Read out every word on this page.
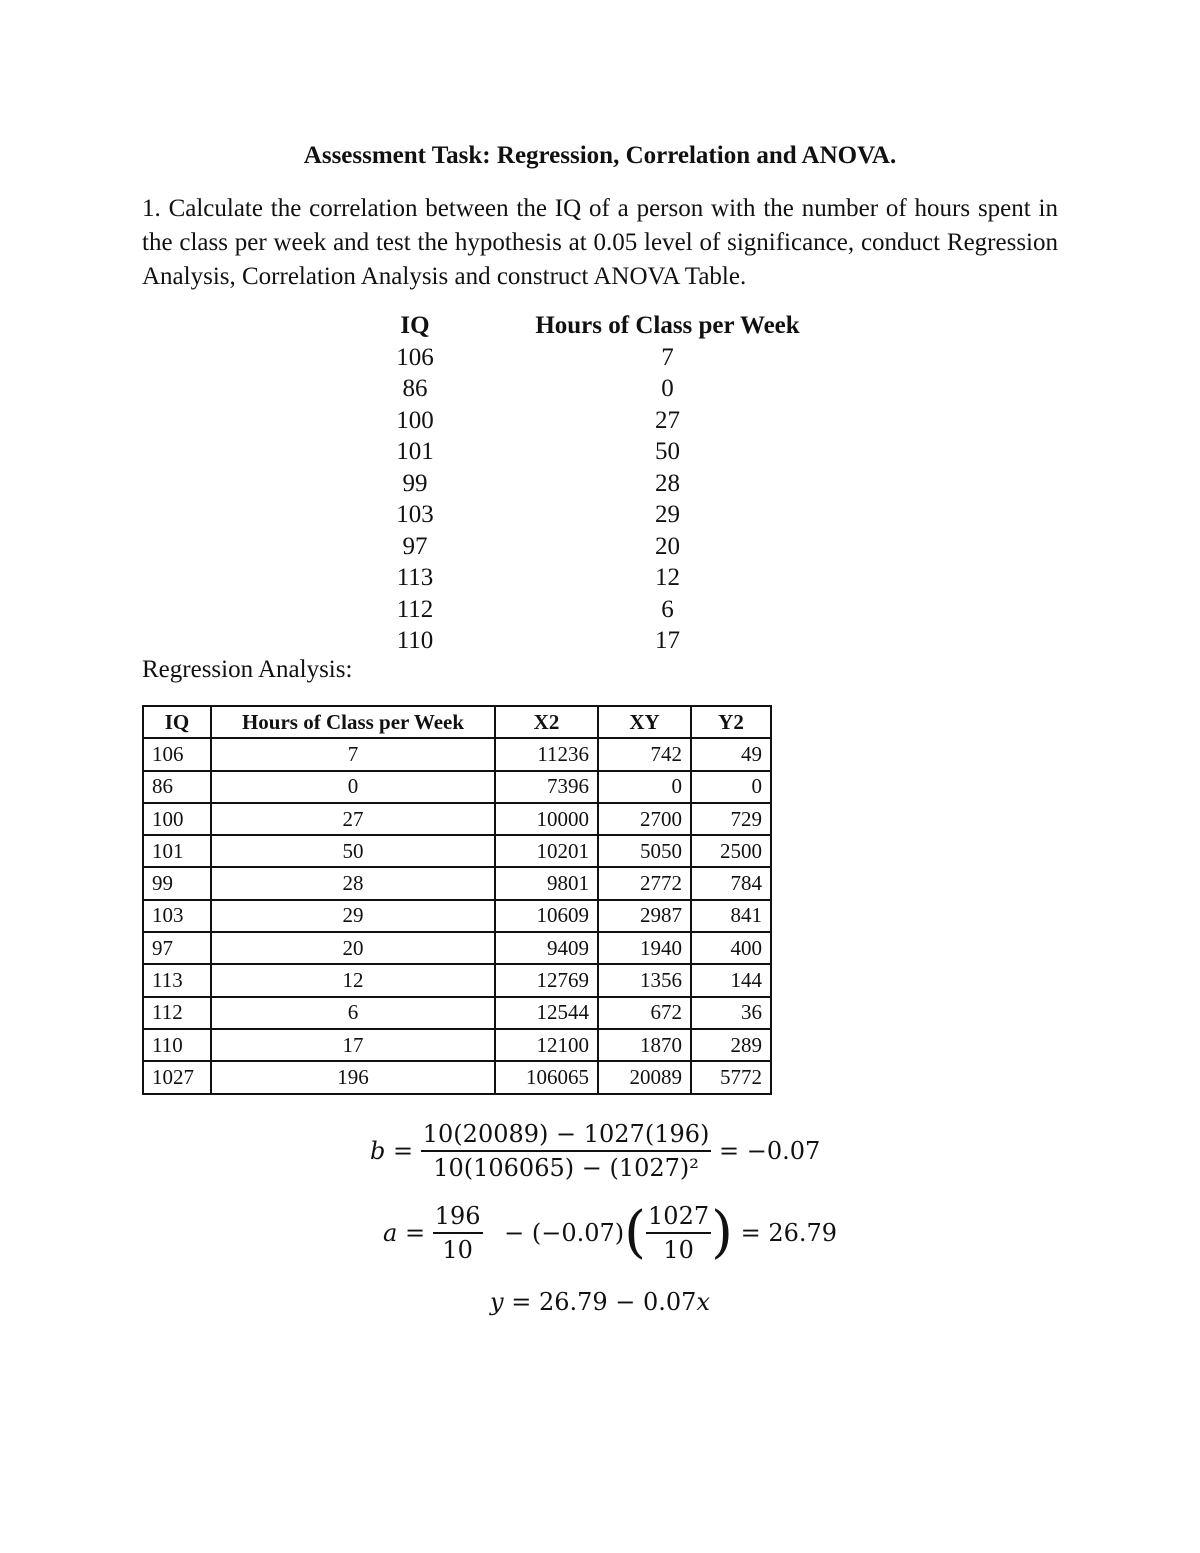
Assessment Task: Regression, Correlation and ANOVA.
1. Calculate the correlation between the IQ of a person with the number of hours spent in the class per week and test the hypothesis at 0.05 level of significance, conduct Regression Analysis, Correlation Analysis and construct ANOVA Table.
IQ	Hours of Class per Week
106	7
86	0
100	27
101	50
99	28
103	29
97	20
113	12
112	6
110	17
Regression Analysis:
IQ	Hours of Class per Week	X2	XY	Y2
106	7	11236	742	49
86	0	7396	0	0
100	27	10000	2700	729
101	50	10201	5050	2500
99	28	9801	2772	784
103	29	10609	2987	841
97	20	9409	1940	400
113	12	12769	1356	144
112	6	12544	672	36
110	17	12100	1870	289
1027	196	106065	20089	5772
$b = \frac{10(20089) - 1027(196)}{\text{10(106065) − (1027)²}} = -0.07$
$a = \frac{196}{10} - (-0.07)( \frac{1027}{10}$ ) = 26.79
y = 26.79 − 0.07x
